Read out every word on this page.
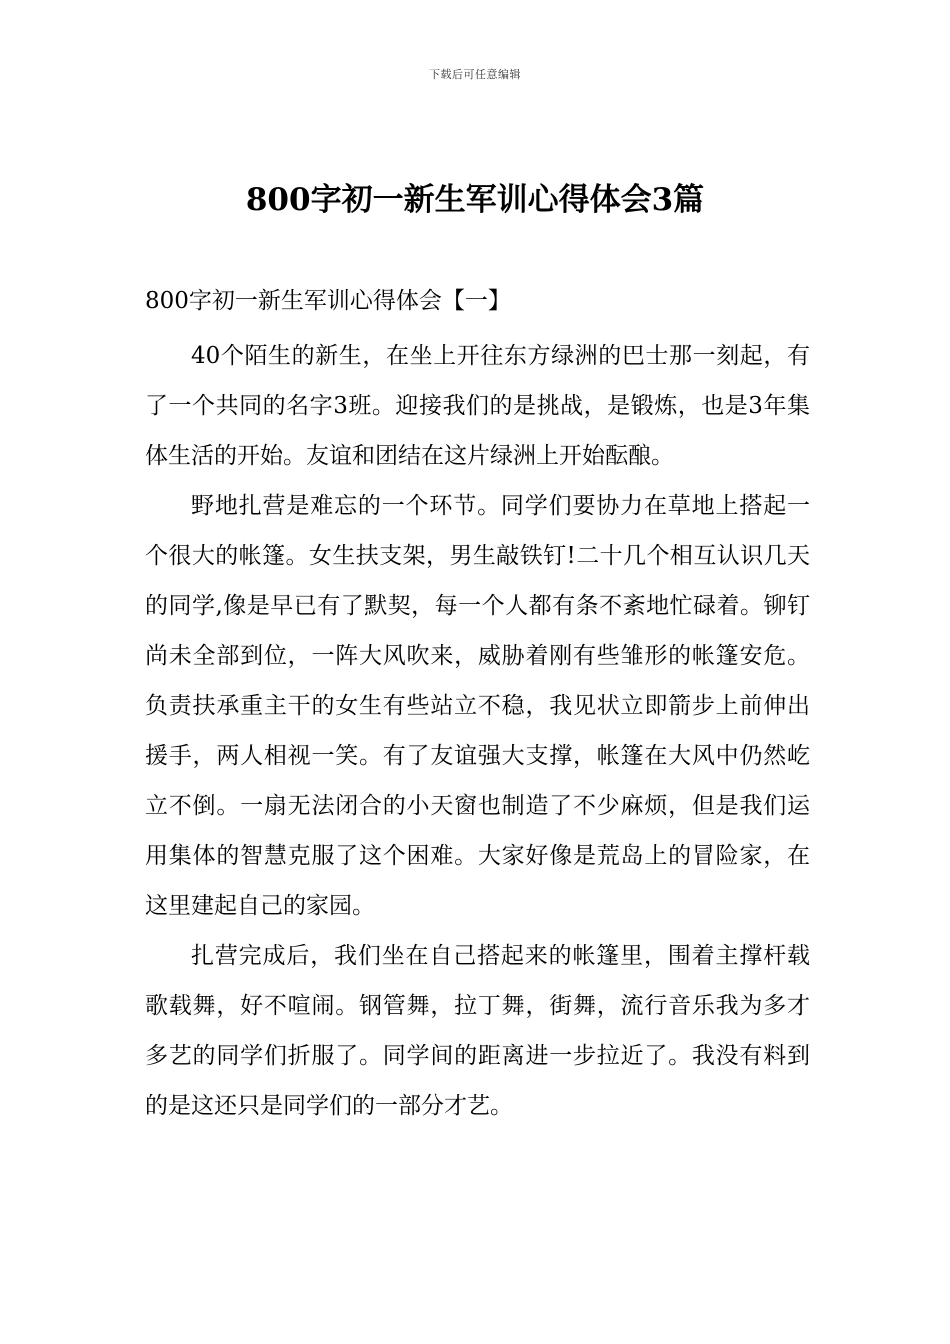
下载后可任意编辑
800字初一新生军训心得体会3篇

800字初一新生军训心得体会【一】

40个陌生的新生，在坐上开往东方绿洲的巴士那一刻起，有了一个共同的名字3班。迎接我们的是挑战，是锻炼，也是3年集体生活的开始。友谊和团结在这片绿洲上开始酝酿。

野地扎营是难忘的一个环节。同学们要协力在草地上搭起一个很大的帐篷。女生扶支架，男生敲铁钉!二十几个相互认识几天的同学,像是早已有了默契，每一个人都有条不紊地忙碌着。铆钉尚未全部到位，一阵大风吹来，威胁着刚有些雏形的帐篷安危。负责扶承重主干的女生有些站立不稳，我见状立即箭步上前伸出援手，两人相视一笑。有了友谊强大支撑，帐篷在大风中仍然屹立不倒。一扇无法闭合的小天窗也制造了不少麻烦，但是我们运用集体的智慧克服了这个困难。大家好像是荒岛上的冒险家，在这里建起自己的家园。

扎营完成后，我们坐在自己搭起来的帐篷里，围着主撑杆载歌载舞，好不喧闹。钢管舞，拉丁舞，街舞，流行音乐我为多才多艺的同学们折服了。同学间的距离进一步拉近了。我没有料到的是这还只是同学们的一部分才艺。
